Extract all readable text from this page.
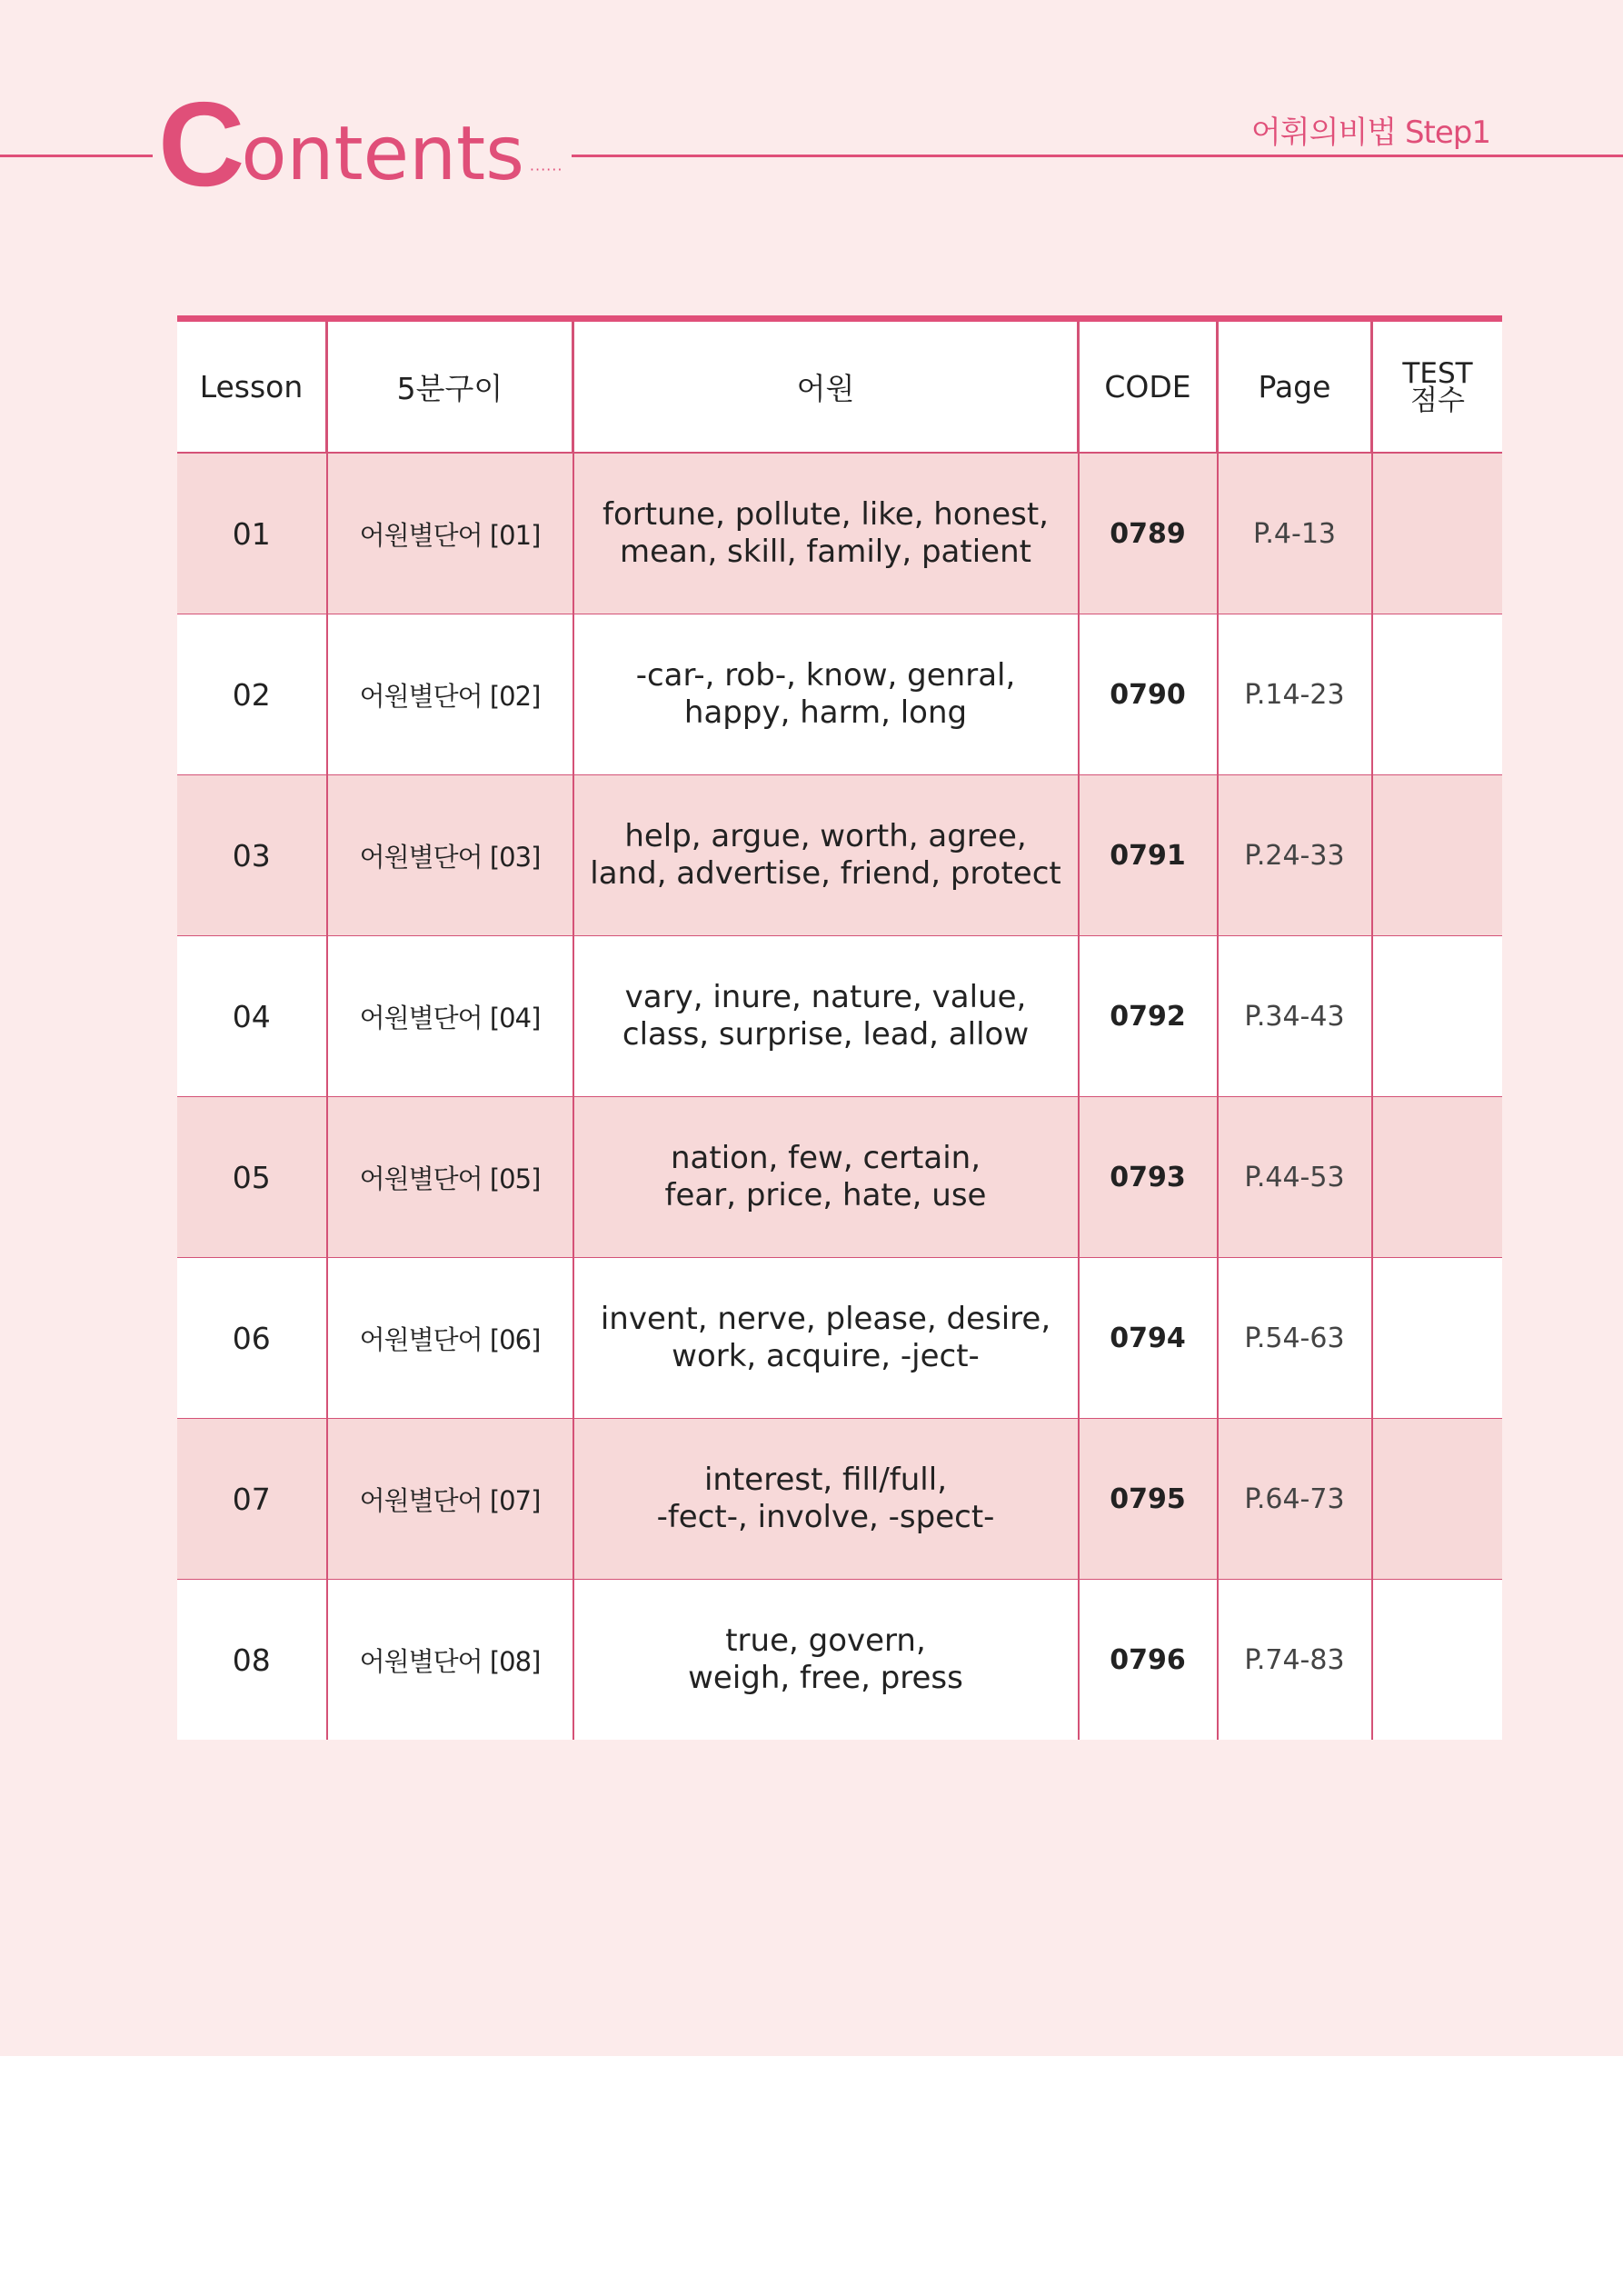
C ontents ······
어휘의비법 Step1
Lesson	5분구이	어원	CODE	Page	TEST
점수

01	어원별단어 [01]	fortune, pollute, like, honest,
mean, skill, family, patient	0789	P.4-13	
02	어원별단어 [02]	-car-, rob-, know, genral,
happy, harm, long	0790	P.14-23	
03	어원별단어 [03]	help, argue, worth, agree,
land, advertise, friend, protect	0791	P.24-33	
04	어원별단어 [04]	vary, inure, nature, value,
class, surprise, lead, allow	0792	P.34-43	
05	어원별단어 [05]	nation, few, certain,
fear, price, hate, use	0793	P.44-53	
06	어원별단어 [06]	invent, nerve, please, desire,
work, acquire, -ject-	0794	P.54-63	
07	어원별단어 [07]	interest, fill/full,
-fect-, involve, -spect-	0795	P.64-73	
08	어원별단어 [08]	true, govern,
weigh, free, press	0796	P.74-83	
